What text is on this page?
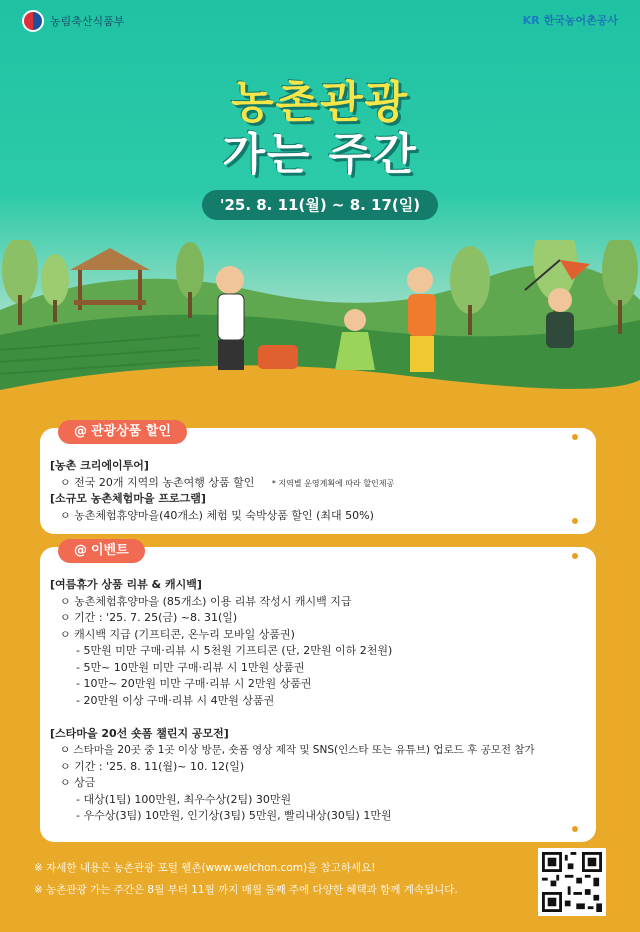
농림축산식품부	KR 한국농어촌공사
농촌관광
가는 주간
'25. 8. 11(월) ~ 8. 17(일)
@ 관광상품 할인
[농촌 크리에이투어]
ㅇ 전국 20개 지역의 농촌여행 상품 할인 * 지역별 운영계획에 따라 할인제공
[소규모 농촌체험마을 프로그램]
ㅇ 농촌체험휴양마을(40개소) 체험 및 숙박상품 할인 (최대 50%)
@ 이벤트
[여름휴가 상품 리뷰 & 캐시백]
ㅇ 농촌체험휴양마을 (85개소) 이용 리뷰 작성시 캐시백 지급
ㅇ 기간 : '25. 7. 25(금) ~8. 31(일)
ㅇ 캐시백 지급 (기프티콘, 온누리 모바일 상품권)
- 5만원 미만 구매·리뷰 시 5천원 기프티콘 (단, 2만원 이하 2천원)
- 5만~ 10만원 미만 구매·리뷰 시 1만원 상품권
- 10만~ 20만원 미만 구매·리뷰 시 2만원 상품권
- 20만원 이상 구매·리뷰 시 4만원 상품권
[스타마을 20선 숏폼 챌린지 공모전]
ㅇ 스타마을 20곳 중 1곳 이상 방문, 숏폼 영상 제작 및 SNS(인스타 또는 유튜브) 업로드 후 공모전 참가
ㅇ 기간 : '25. 8. 11(월)~ 10. 12(일)
ㅇ 상금
- 대상(1팀) 100만원, 최우수상(2팀) 30만원
- 우수상(3팀) 10만원, 인기상(3팀) 5만원, 빨리내상(30팀) 1만원
※ 자세한 내용은 농촌관광 포털 웰촌(www.welchon.com)을 참고하세요!
※ 농촌관광 가는 주간은 8월 부터 11월 까지 매월 둘째 주에 다양한 혜택과 함께 계속됩니다.
